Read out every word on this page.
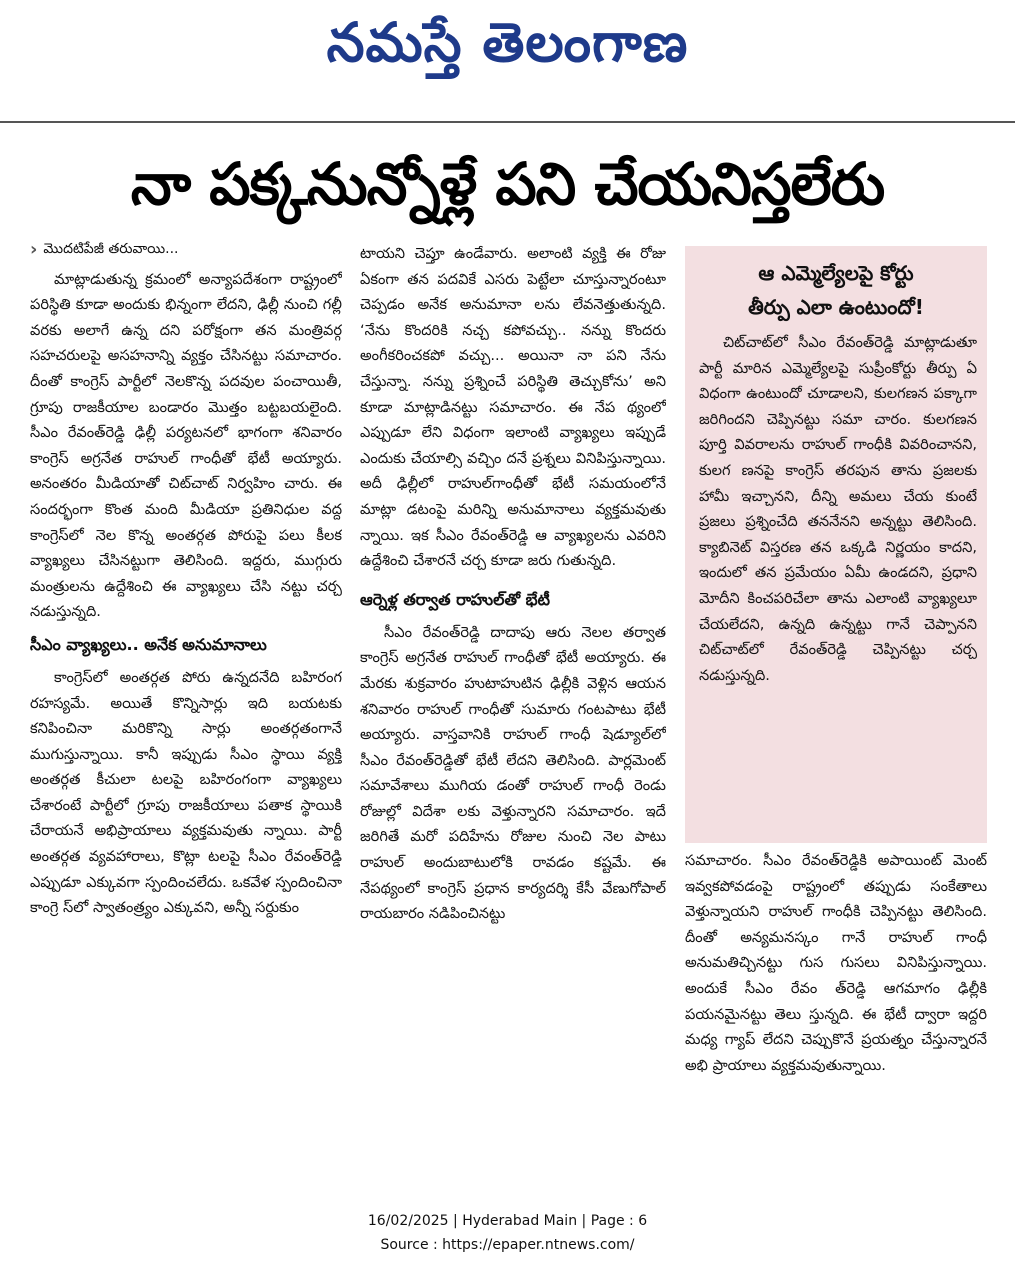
నమస్తే తెలంగాణ
నా పక్కనున్నోళ్లే పని చేయనిస్తలేరు
› మొదటిపేజీ తరువాయి...

మాట్లాడుతున్న క్రమంలో అన్యాపదేశంగా రాష్ట్రంలో పరిస్థితి కూడా అందుకు భిన్నంగా లేదని, ఢిల్లీ నుంచి గల్లీ వరకు అలాగే ఉన్న దని పరోక్షంగా తన మంత్రివర్గ సహచరులపై అసహనాన్ని వ్యక్తం చేసినట్టు సమాచారం. దీంతో కాంగ్రెస్ పార్టీలో నెలకొన్న పదవుల పంచాయితీ, గ్రూపు రాజకీయాల బండారం మొత్తం బట్టబయలైంది. సీఎం రేవంత్‌రెడ్డి ఢిల్లీ పర్యటనలో భాగంగా శనివారం కాంగ్రెస్ అగ్రనేత రాహుల్ గాంధీతో భేటీ అయ్యారు. అనంతరం మీడియాతో చిట్‌చాట్ నిర్వహిం చారు. ఈ సందర్భంగా కొంత మంది మీడియా ప్రతినిధుల వద్ద కాంగ్రెస్‌లో నెల కొన్న అంతర్గత పోరుపై పలు కీలక వ్యాఖ్యలు చేసినట్టుగా తెలిసింది. ఇద్దరు, ముగ్గురు మంత్రులను ఉద్దేశించి ఈ వ్యాఖ్యలు చేసి నట్టు చర్చ నడుస్తున్నది.

సీఎం వ్యాఖ్యలు.. అనేక అనుమానాలు

కాంగ్రెస్‌లో అంతర్గత పోరు ఉన్నదనేది బహిరంగ రహస్యమే. అయితే కొన్నిసార్లు ఇది బయటకు కనిపించినా మరికొన్ని సార్లు అంతర్గతంగానే ముగుస్తున్నాయి. కానీ ఇప్పుడు సీఎం స్థాయి వ్యక్తి అంతర్గత కీచులా టలపై బహిరంగంగా వ్యాఖ్యలు చేశారంటే పార్టీలో గ్రూపు రాజకీయాలు పతాక స్థాయికి చేరాయనే అభిప్రాయాలు వ్యక్తమవుతు న్నాయి. పార్టీ అంతర్గత వ్యవహారాలు, కొట్లా టలపై సీఎం రేవంత్‌రెడ్డి ఎప్పుడూ ఎక్కువగా స్పందించలేదు. ఒకవేళ స్పందించినా కాంగ్రె స్‌లో స్వాతంత్ర్యం ఎక్కువని, అన్నీ సర్దుకుం

టాయని చెప్తూ ఉండేవారు. అలాంటి వ్యక్తి ఈ రోజు ఏకంగా తన పదవికే ఎసరు పెట్టేలా చూస్తున్నారంటూ చెప్పడం అనేక అనుమానా లను లేవనెత్తుతున్నది. ‘నేను కొందరికి నచ్చ కపోవచ్చు.. నన్ను కొందరు అంగీకరించకపో వచ్చు... అయినా నా పని నేను చేస్తున్నా. నన్ను ప్రశ్నించే పరిస్థితి తెచ్చుకోను’ అని కూడా మాట్లాడినట్టు సమాచారం. ఈ నేప థ్యంలో ఎప్పుడూ లేని విధంగా ఇలాంటి వ్యాఖ్యలు ఇప్పుడే ఎందుకు చేయాల్సి వచ్చిం దనే ప్రశ్నలు వినిపిస్తున్నాయి. అదీ ఢిల్లీలో రాహుల్‌గాంధీతో భేటీ సమయంలోనే మాట్లా డటంపై మరిన్ని అనుమానాలు వ్యక్తమవుతు న్నాయి. ఇక సీఎం రేవంత్‌రెడ్డి ఆ వ్యాఖ్యలను ఎవరిని ఉద్దేశించి చేశారనే చర్చ కూడా జరు గుతున్నది.

ఆర్నెళ్ల తర్వాత రాహుల్‌తో భేటీ

సీఎం రేవంత్‌రెడ్డి దాదాపు ఆరు నెలల తర్వాత కాంగ్రెస్ అగ్రనేత రాహుల్ గాంధీతో భేటీ అయ్యారు. ఈ మేరకు శుక్రవారం హుటాహుటిన ఢిల్లీకి వెళ్లిన ఆయన శనివారం రాహుల్ గాంధీతో సుమారు గంటపాటు భేటీ అయ్యారు. వాస్తవానికి రాహుల్ గాంధీ షెడ్యూల్‌లో సీఎం రేవంత్‌రెడ్డితో భేటీ లేదని తెలిసింది. పార్లమెంట్ సమావేశాలు ముగియ డంతో రాహుల్ గాంధీ రెండు రోజుల్లో విదేశా లకు వెళ్తున్నారని సమాచారం. ఇదే జరిగితే మరో పదిహేను రోజుల నుంచి నెల పాటు రాహుల్ అందుబాటులోకి రావడం కష్టమే. ఈ నేపథ్యంలో కాంగ్రెస్ ప్రధాన కార్యదర్శి కేసీ వేణుగోపాల్ రాయబారం నడిపించినట్టు

ఆ ఎమ్మెల్యేలపై కోర్టు
తీర్పు ఎలా ఉంటుందో!

చిట్‌చాట్‌లో సీఎం రేవంత్‌రెడ్డి మాట్లాడుతూ పార్టీ మారిన ఎమ్మెల్యేలపై సుప్రీంకోర్టు తీర్పు ఏ విధంగా ఉంటుందో చూడాలని, కులగణన పక్కాగా జరిగిందని చెప్పినట్టు సమా చారం. కులగణన పూర్తి వివరాలను రాహుల్ గాంధీకి వివరించానని, కులగ ణనపై కాంగ్రెస్ తరపున తాను ప్రజలకు హామీ ఇచ్చానని, దీన్ని అమలు చేయ కుంటే ప్రజలు ప్రశ్నించేది తననేనని అన్నట్టు తెలిసింది. క్యాబినెట్ విస్తరణ తన ఒక్కడి నిర్ణయం కాదని, ఇందులో తన ప్రమేయం ఏమీ ఉండదని, ప్రధాని మోదీని కించపరిచేలా తాను ఎలాంటి వ్యాఖ్యలూ చేయలేదని, ఉన్నది ఉన్నట్టు గానే చెప్పానని చిట్‌చాట్‌లో రేవంత్‌రెడ్డి చెప్పినట్టు చర్చ నడుస్తున్నది.

సమాచారం. సీఎం రేవంత్‌రెడ్డికి అపాయింట్ మెంట్ ఇవ్వకపోవడంపై రాష్ట్రంలో తప్పుడు సంకేతాలు వెళ్తున్నాయని రాహుల్ గాంధీకి చెప్పినట్టు తెలిసింది. దీంతో అన్యమనస్కం గానే రాహుల్ గాంధీ అనుమతిచ్చినట్టు గుస గుసలు వినిపిస్తున్నాయి. అందుకే సీఎం రేవం త్‌రెడ్డి ఆగమాగం ఢిల్లీకి పయనమైనట్టు తెలు స్తున్నది. ఈ భేటీ ద్వారా ఇద్దరి మధ్య గ్యాప్ లేదని చెప్పుకొనే ప్రయత్నం చేస్తున్నారనే అభి ప్రాయాలు వ్యక్తమవుతున్నాయి.

16/02/2025 | Hyderabad Main | Page : 6
Source : https://epaper.ntnews.com/
